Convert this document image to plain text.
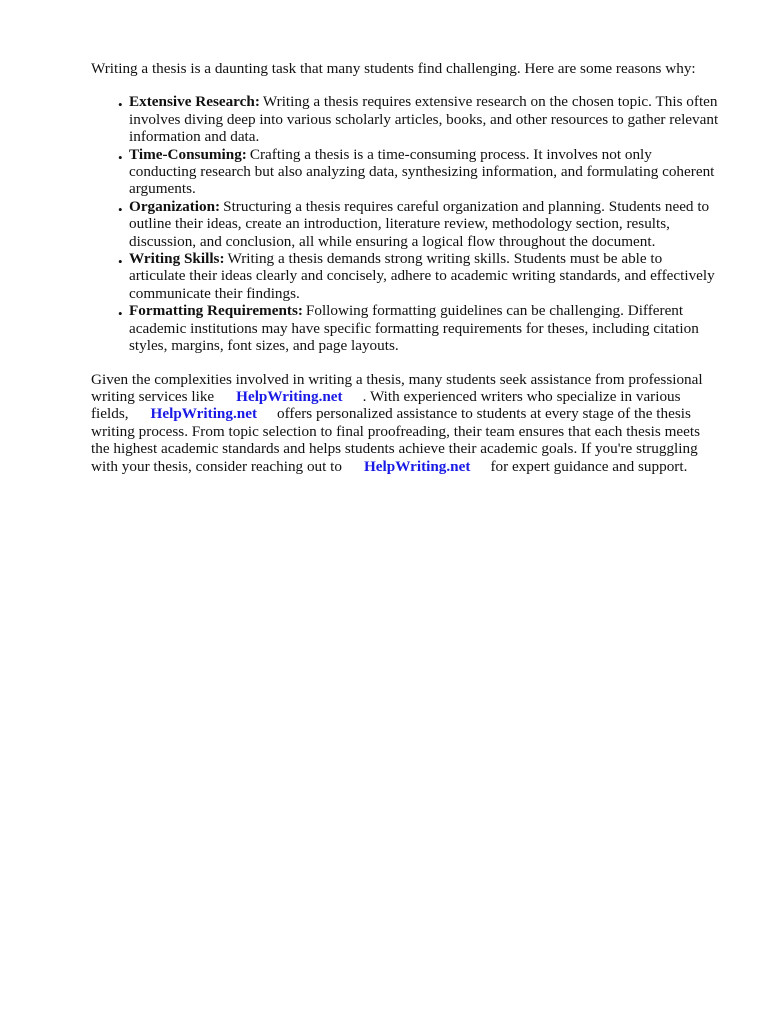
Writing a thesis is a daunting task that many students find challenging. Here are some reasons why:

• Extensive Research: Writing a thesis requires extensive research on the chosen topic. This often involves diving deep into various scholarly articles, books, and other resources to gather relevant information and data.
• Time-Consuming: Crafting a thesis is a time-consuming process. It involves not only conducting research but also analyzing data, synthesizing information, and formulating coherent arguments.
• Organization: Structuring a thesis requires careful organization and planning. Students need to outline their ideas, create an introduction, literature review, methodology section, results, discussion, and conclusion, all while ensuring a logical flow throughout the document.
• Writing Skills: Writing a thesis demands strong writing skills. Students must be able to articulate their ideas clearly and concisely, adhere to academic writing standards, and effectively communicate their findings.
• Formatting Requirements: Following formatting guidelines can be challenging. Different academic institutions may have specific formatting requirements for theses, including citation styles, margins, font sizes, and page layouts.

Given the complexities involved in writing a thesis, many students seek assistance from professional writing services like HelpWriting.net . With experienced writers who specialize in various fields, HelpWriting.net offers personalized assistance to students at every stage of the thesis writing process. From topic selection to final proofreading, their team ensures that each thesis meets the highest academic standards and helps students achieve their academic goals. If you're struggling with your thesis, consider reaching out to HelpWriting.net for expert guidance and support.
